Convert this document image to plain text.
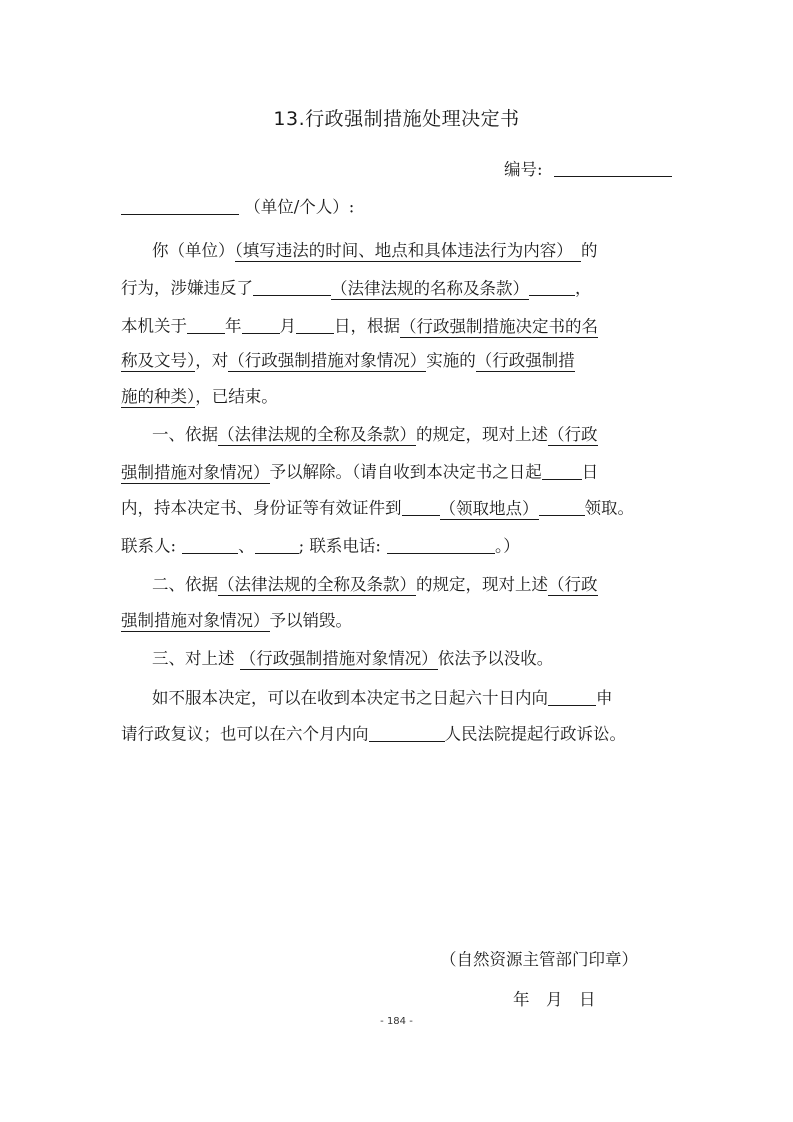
13.行政强制措施处理决定书
编号:
（单位/个人）:
你（单位）（填写违法的时间、地点和具体违法行为内容）　 的
行为，涉嫌违反了	（法律法规的名称及条款）	，
本机关于 年 月 日，根据（行政强制措施决定书的名
称及文号），对（行政强制措施对象情况）实施的（行政强制措
施的种类），已结束。
一、依据（法律法规的全称及条款）的规定，现对上述（行政
强制措施对象情况）予以解除。（请自收到本决定书之日起 日
内，持本决定书、身份证等有效证件到 （领取地点）	领取。
联系人:	、	; 联系电话:	。）
二、依据（法律法规的全称及条款）的规定，现对上述（行政
强制措施对象情况）予以销毁。
三、对上述 （行政强制措施对象情况）依法予以没收。
如不服本决定，可以在收到本决定书之日起六十日内向	申
请行政复议；也可以在六个月内向	人民法院提起行政诉讼。
（自然资源主管部门印章）
年　月　日
- 184 -
